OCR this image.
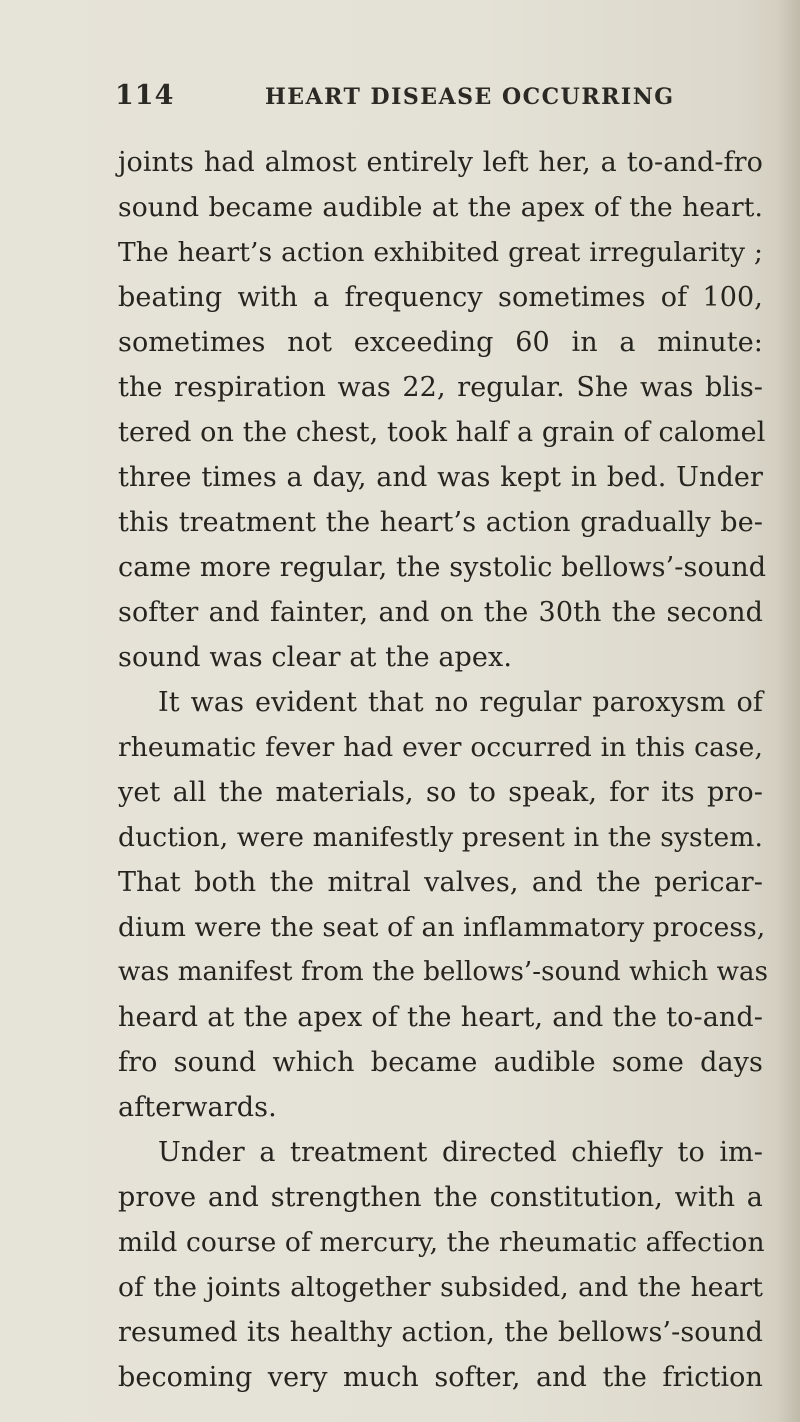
114	HEART DISEASE OCCURRING
joints had almost entirely left her, a to-and-fro
sound became audible at the apex of the heart.
The heart’s action exhibited great irregularity ;
beating with a frequency sometimes of 100,
sometimes not exceeding 60 in a minute:
the respiration was 22, regular. She was blis-
tered on the chest, took half a grain of calomel
three times a day, and was kept in bed. Under
this treatment the heart’s action gradually be-
came more regular, the systolic bellows’-sound
softer and fainter, and on the 30th the second
sound was clear at the apex.
It was evident that no regular paroxysm of
rheumatic fever had ever occurred in this case,
yet all the materials, so to speak, for its pro-
duction, were manifestly present in the system.
That both the mitral valves, and the pericar-
dium were the seat of an inflammatory process,
was manifest from the bellows’-sound which was
heard at the apex of the heart, and the to-and-
fro sound which became audible some days
afterwards.
Under a treatment directed chiefly to im-
prove and strengthen the constitution, with a
mild course of mercury, the rheumatic affection
of the joints altogether subsided, and the heart
resumed its healthy action, the bellows’-sound
becoming very much softer, and the friction
